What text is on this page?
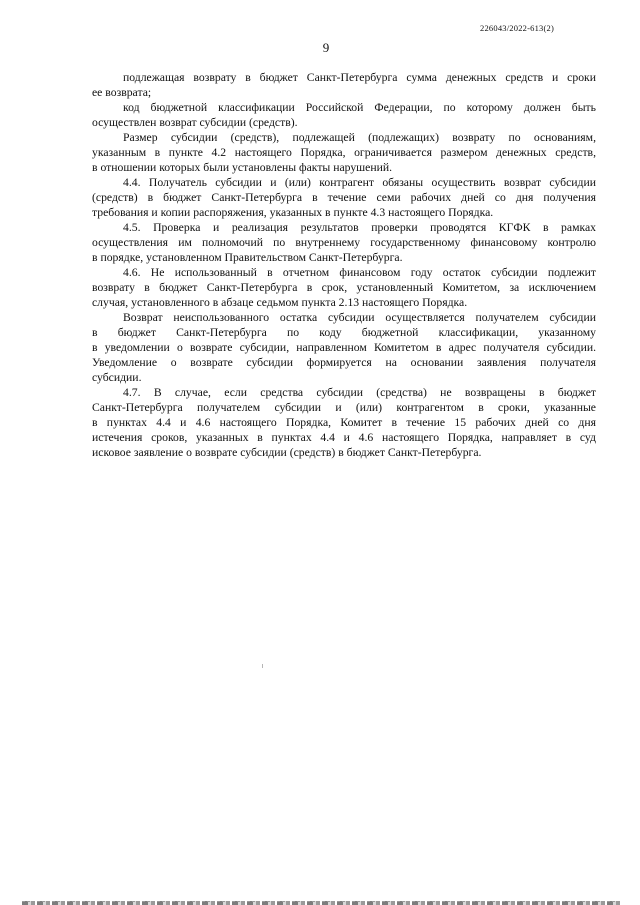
226043/2022-613(2)
9
подлежащая возврату в бюджет Санкт-Петербурга сумма денежных средств и сроки
ее возврата;
код бюджетной классификации Российской Федерации, по которому должен быть
осуществлен возврат субсидии (средств).
Размер субсидии (средств), подлежащей (подлежащих) возврату по основаниям,
указанным в пункте 4.2 настоящего Порядка, ограничивается размером денежных средств,
в отношении которых были установлены факты нарушений.
4.4. Получатель субсидии и (или) контрагент обязаны осуществить возврат субсидии
(средств) в бюджет Санкт-Петербурга в течение семи рабочих дней со дня получения
требования и копии распоряжения, указанных в пункте 4.3 настоящего Порядка.
4.5. Проверка и реализация результатов проверки проводятся КГФК в рамках
осуществления им полномочий по внутреннему государственному финансовому контролю
в порядке, установленном Правительством Санкт-Петербурга.
4.6. Не использованный в отчетном финансовом году остаток субсидии подлежит
возврату в бюджет Санкт-Петербурга в срок, установленный Комитетом, за исключением
случая, установленного в абзаце седьмом пункта 2.13 настоящего Порядка.
Возврат неиспользованного остатка субсидии осуществляется получателем субсидии
в бюджет Санкт-Петербурга по коду бюджетной классификации, указанному
в уведомлении о возврате субсидии, направленном Комитетом в адрес получателя субсидии.
Уведомление о возврате субсидии формируется на основании заявления получателя
субсидии.
4.7. В случае, если средства субсидии (средства) не возвращены в бюджет
Санкт-Петербурга получателем субсидии и (или) контрагентом в сроки, указанные
в пунктах 4.4 и 4.6 настоящего Порядка, Комитет в течение 15 рабочих дней со дня
истечения сроков, указанных в пунктах 4.4 и 4.6 настоящего Порядка, направляет в суд
исковое заявление о возврате субсидии (средств) в бюджет Санкт-Петербурга.
